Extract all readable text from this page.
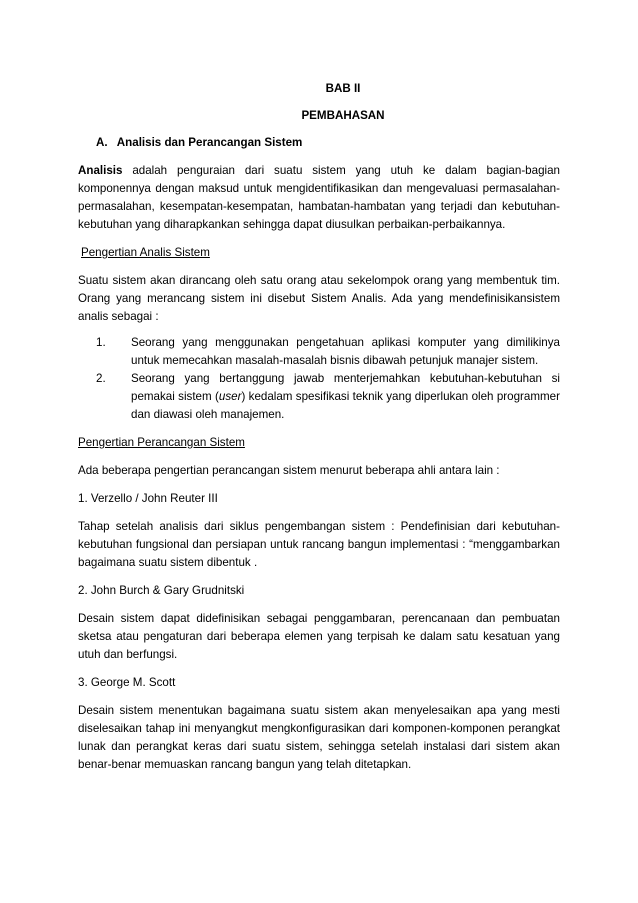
BAB II
PEMBAHASAN
A. Analisis dan Perancangan Sistem

Analisis adalah penguraian dari suatu sistem yang utuh ke dalam bagian-bagian komponennya dengan maksud untuk mengidentifikasikan dan mengevaluasi permasalahan-permasalahan, kesempatan-kesempatan, hambatan-hambatan yang terjadi dan kebutuhan-kebutuhan yang diharapkankan sehingga dapat diusulkan perbaikan-perbaikannya.

Pengertian Analis Sistem

Suatu sistem akan dirancang oleh satu orang atau sekelompok orang yang membentuk tim. Orang yang merancang sistem ini disebut Sistem Analis. Ada yang mendefinisikansistem analis sebagai :

1. Seorang yang menggunakan pengetahuan aplikasi komputer yang dimilikinya untuk memecahkan masalah-masalah bisnis dibawah petunjuk manajer sistem.
2. Seorang yang bertanggung jawab menterjemahkan kebutuhan-kebutuhan si pemakai sistem (user) kedalam spesifikasi teknik yang diperlukan oleh programmer dan diawasi oleh manajemen.

Pengertian Perancangan Sistem

Ada beberapa pengertian perancangan sistem menurut beberapa ahli antara lain :

1. Verzello / John Reuter III

Tahap setelah analisis dari siklus pengembangan sistem : Pendefinisian dari kebutuhan-kebutuhan fungsional dan persiapan untuk rancang bangun implementasi : “menggambarkan bagaimana suatu sistem dibentuk .

2. John Burch & Gary Grudnitski

Desain sistem dapat didefinisikan sebagai penggambaran, perencanaan dan pembuatan sketsa atau pengaturan dari beberapa elemen yang terpisah ke dalam satu kesatuan yang utuh dan berfungsi.

3. George M. Scott

Desain sistem menentukan bagaimana suatu sistem akan menyelesaikan apa yang mesti diselesaikan tahap ini menyangkut mengkonfigurasikan dari komponen-komponen perangkat lunak dan perangkat keras dari suatu sistem, sehingga setelah instalasi dari sistem akan benar-benar memuaskan rancang bangun yang telah ditetapkan.
